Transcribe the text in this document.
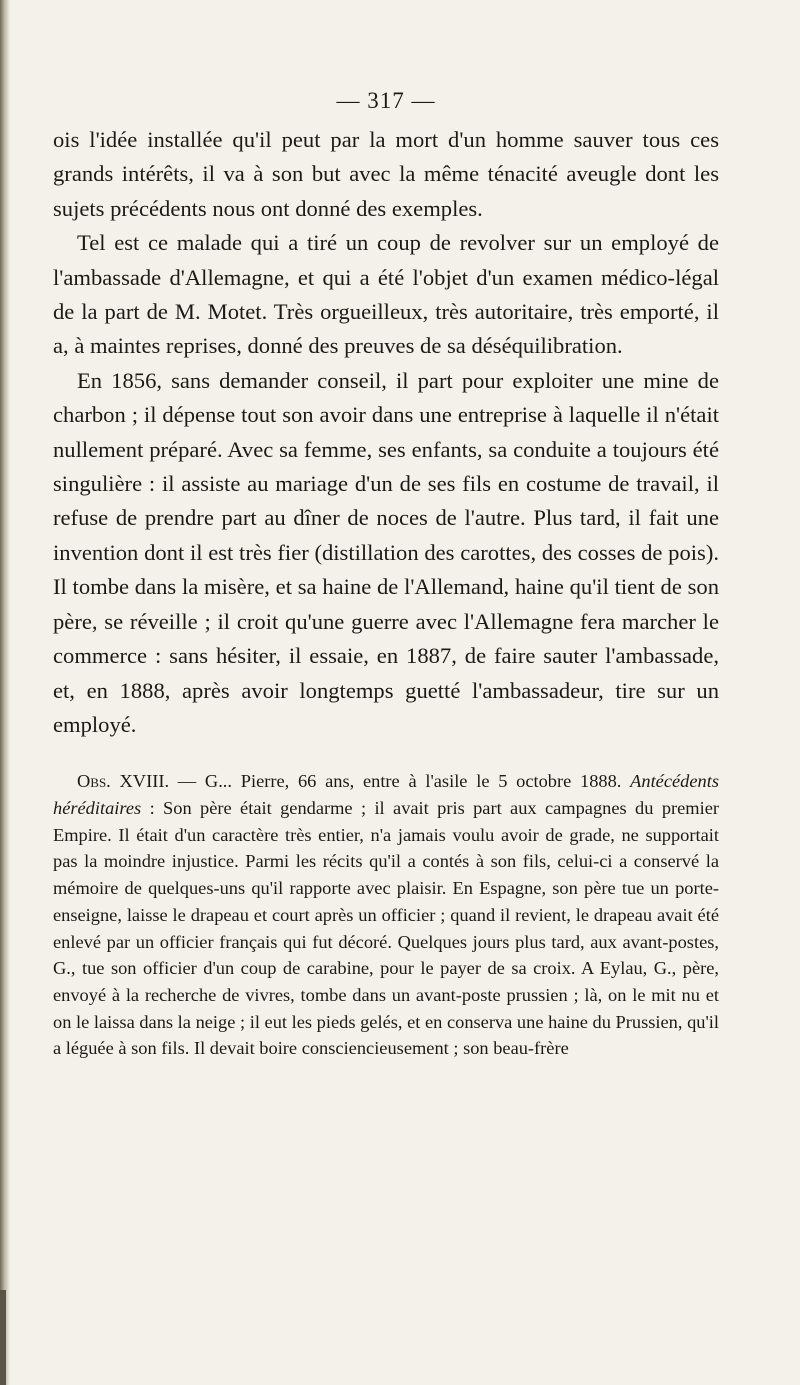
— 317 —

ois l'idée installée qu'il peut par la mort d'un homme sauver tous ces grands intérêts, il va à son but avec la même ténacité aveugle dont les sujets précédents nous ont donné des exemples.

Tel est ce malade qui a tiré un coup de revolver sur un employé de l'ambassade d'Allemagne, et qui a été l'objet d'un examen médico-légal de la part de M. Motet. Très orgueilleux, très autoritaire, très emporté, il a, à maintes reprises, donné des preuves de sa déséquilibration.

En 1856, sans demander conseil, il part pour exploiter une mine de charbon ; il dépense tout son avoir dans une entreprise à laquelle il n'était nullement préparé. Avec sa femme, ses enfants, sa conduite a toujours été singulière : il assiste au mariage d'un de ses fils en costume de travail, il refuse de prendre part au dîner de noces de l'autre. Plus tard, il fait une invention dont il est très fier (distillation des carottes, des cosses de pois). Il tombe dans la misère, et sa haine de l'Allemand, haine qu'il tient de son père, se réveille ; il croit qu'une guerre avec l'Allemagne fera marcher le commerce : sans hésiter, il essaie, en 1887, de faire sauter l'ambassade, et, en 1888, après avoir longtemps guetté l'ambassadeur, tire sur un employé.

Obs. XVIII. — G... Pierre, 66 ans, entre à l'asile le 5 octobre 1888. Antécédents héréditaires : Son père était gendarme ; il avait pris part aux campagnes du premier Empire. Il était d'un caractère très entier, n'a jamais voulu avoir de grade, ne supportait pas la moindre injustice. Parmi les récits qu'il a contés à son fils, celui-ci a conservé la mémoire de quelques-uns qu'il rapporte avec plaisir. En Espagne, son père tue un porte-enseigne, laisse le drapeau et court après un officier ; quand il revient, le drapeau avait été enlevé par un officier français qui fut décoré. Quelques jours plus tard, aux avant-postes, G., tue son officier d'un coup de carabine, pour le payer de sa croix. A Eylau, G., père, envoyé à la recherche de vivres, tombe dans un avant-poste prussien ; là, on le mit nu et on le laissa dans la neige ; il eut les pieds gelés, et en conserva une haine du Prussien, qu'il a léguée à son fils. Il devait boire consciencieusement ; son beau-frère
